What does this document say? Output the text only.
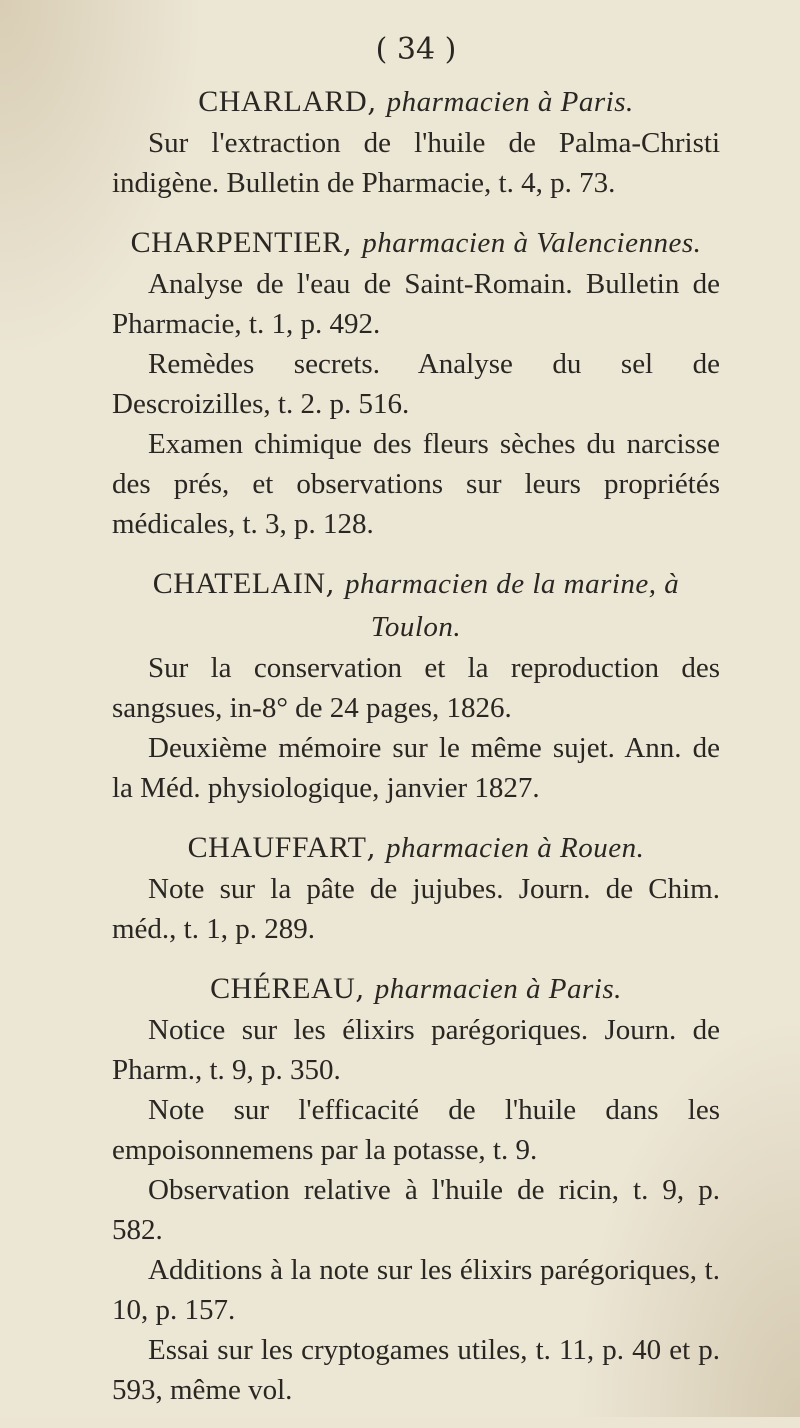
( 34 )

CHARLARD, pharmacien à Paris.

Sur l'extraction de l'huile de Palma-Christi indigène. Bulletin de Pharmacie, t. 4, p. 73.

CHARPENTIER, pharmacien à Valenciennes.

Analyse de l'eau de Saint-Romain. Bulletin de Pharmacie, t. 1, p. 492.

Remèdes secrets. Analyse du sel de Descroizilles, t. 2. p. 516.

Examen chimique des fleurs sèches du narcisse des prés, et observations sur leurs propriétés médicales, t. 3, p. 128.

CHATELAIN, pharmacien de la marine, à Toulon.

Sur la conservation et la reproduction des sangsues, in-8° de 24 pages, 1826.

Deuxième mémoire sur le même sujet. Ann. de la Méd. physiologique, janvier 1827.

CHAUFFART, pharmacien à Rouen.

Note sur la pâte de jujubes. Journ. de Chim. méd., t. 1, p. 289.

CHÉREAU, pharmacien à Paris.

Notice sur les élixirs parégoriques. Journ. de Pharm., t. 9, p. 350.

Note sur l'efficacité de l'huile dans les empoisonnemens par la potasse, t. 9.

Observation relative à l'huile de ricin, t. 9, p. 582.

Additions à la note sur les élixirs parégoriques, t. 10, p. 157.

Essai sur les cryptogames utiles, t. 11, p. 40 et p. 593, même vol.
